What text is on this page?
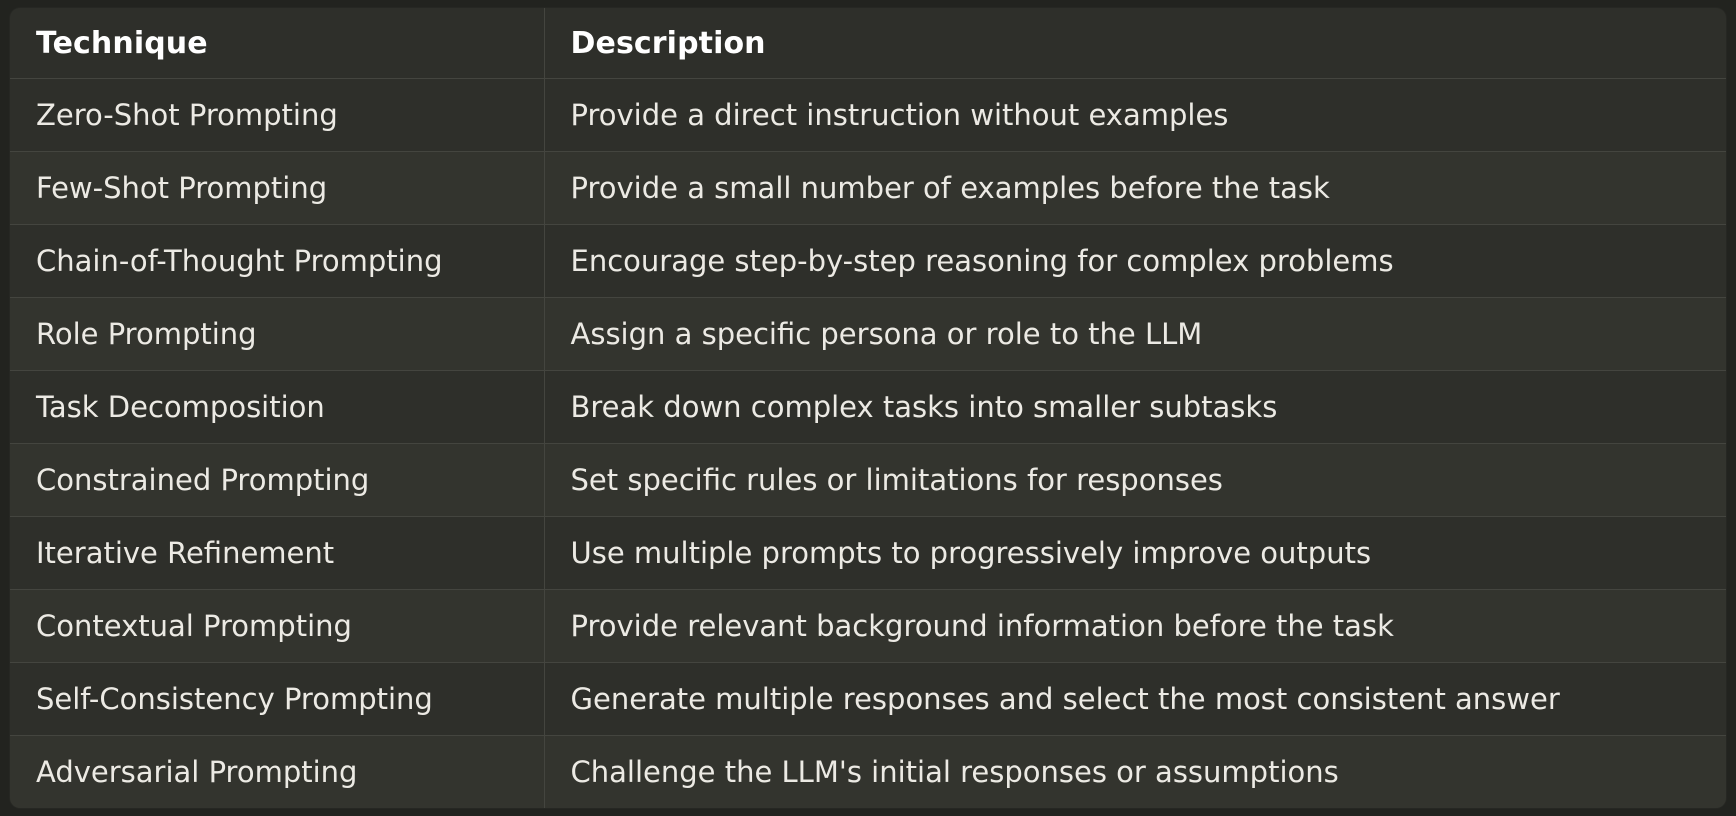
Technique	Description
Zero-Shot Prompting	Provide a direct instruction without examples
Few-Shot Prompting	Provide a small number of examples before the task
Chain-of-Thought Prompting	Encourage step-by-step reasoning for complex problems
Role Prompting	Assign a specific persona or role to the LLM
Task Decomposition	Break down complex tasks into smaller subtasks
Constrained Prompting	Set specific rules or limitations for responses
Iterative Refinement	Use multiple prompts to progressively improve outputs
Contextual Prompting	Provide relevant background information before the task
Self-Consistency Prompting	Generate multiple responses and select the most consistent answer
Adversarial Prompting	Challenge the LLM's initial responses or assumptions
